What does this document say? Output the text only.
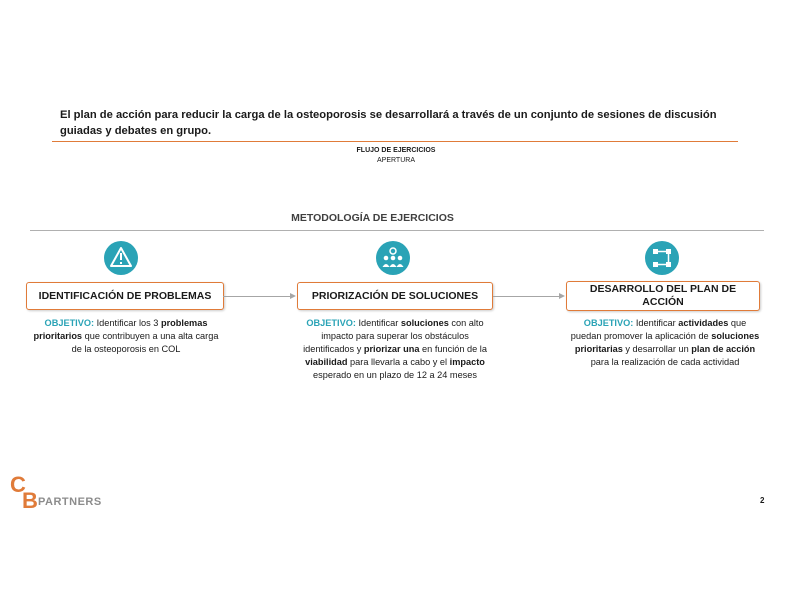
El plan de acción para reducir la carga de la osteoporosis se desarrollará a través de un conjunto de sesiones de discusión guiadas y debates en grupo.
FLUJO DE EJERCICIOS
APERTURA
METODOLOGÍA DE EJERCICIOS
IDENTIFICACIÓN DE PROBLEMAS	PRIORIZACIÓN DE SOLUCIONES
DESARROLLO DEL PLAN DE ACCIÓN
OBJETIVO: Identificar los 3 problemas prioritarios que contribuyen a una alta carga de la osteoporosis en COL
OBJETIVO: Identificar soluciones con alto impacto para superar los obstáculos identificados y priorizar una en función de la viabilidad para llevarla a cabo y el impacto esperado en un plazo de 12 a 24 meses
OBJETIVO: Identificar actividades que puedan promover la aplicación de soluciones prioritarias y desarrollar un plan de acción para la realización de cada actividad
C
B PARTNERS	2
